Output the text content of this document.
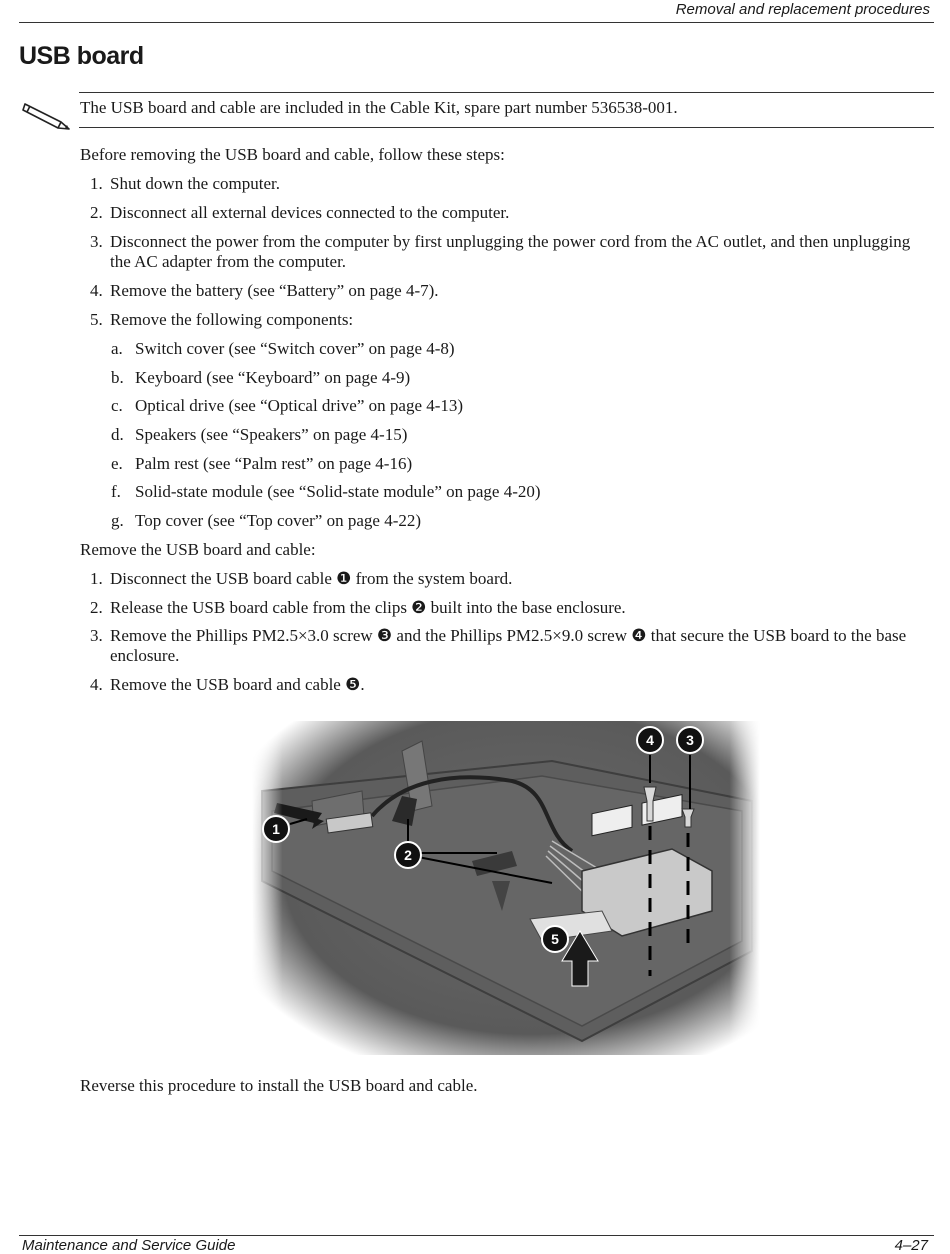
Removal and replacement procedures
USB board
The USB board and cable are included in the Cable Kit, spare part number 536538-001.
Before removing the USB board and cable, follow these steps:
1. Shut down the computer.
2. Disconnect all external devices connected to the computer.
3. Disconnect the power from the computer by first unplugging the power cord from the AC outlet, and then unplugging the AC adapter from the computer.
4. Remove the battery (see “Battery” on page 4-7).
5. Remove the following components:
a. Switch cover (see “Switch cover” on page 4-8)
b. Keyboard (see “Keyboard” on page 4-9)
c. Optical drive (see “Optical drive” on page 4-13)
d. Speakers (see “Speakers” on page 4-15)
e. Palm rest (see “Palm rest” on page 4-16)
f. Solid-state module (see “Solid-state module” on page 4-20)
g. Top cover (see “Top cover” on page 4-22)
Remove the USB board and cable:
1. Disconnect the USB board cable ❶ from the system board.
2. Release the USB board cable from the clips ❷ built into the base enclosure.
3. Remove the Phillips PM2.5×3.0 screw ❸ and the Phillips PM2.5×9.0 screw ❹ that secure the USB board to the base enclosure.
4. Remove the USB board and cable ❺.
1
2
3
4
5
Reverse this procedure to install the USB board and cable.
Maintenance and Service Guide	4–27
